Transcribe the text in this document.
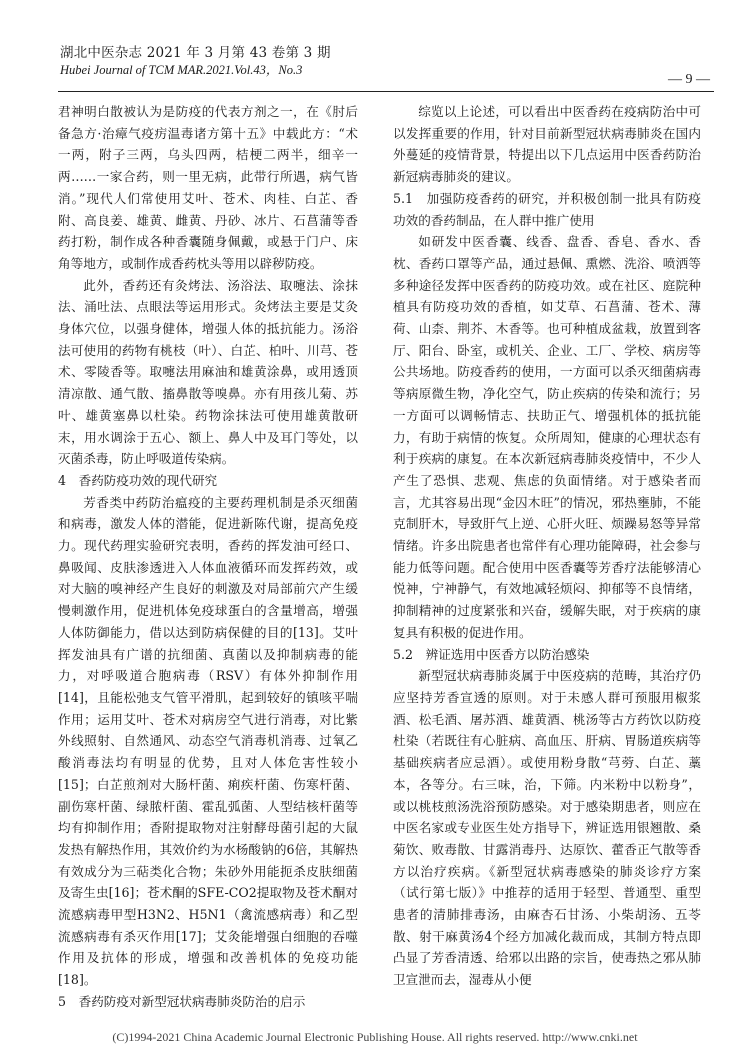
湖北中医杂志 2021 年 3 月第 43 卷第 3 期
Hubei Journal of TCM MAR.2021.Vol.43，No.3
— 9 —

君神明白散被认为是防疫的代表方剂之一，在《肘后备急方·治瘴气疫疠温毒诸方第十五》中载此方：“术一两，附子三两，乌头四两，桔梗二两半，细辛一两……一家合药，则一里无病，此带行所遇，病气皆消。”现代人们常使用艾叶、苍术、肉桂、白芷、香附、高良姜、雄黄、雌黄、丹砂、冰片、石菖蒲等香药打粉，制作成各种香囊随身佩戴，或悬于门户、床角等地方，或制作成香药枕头等用以辟秽防疫。

此外，香药还有灸烤法、汤浴法、取嚏法、涂抹法、涌吐法、点眼法等运用形式。灸烤法主要是艾灸身体穴位，以强身健体，增强人体的抵抗能力。汤浴法可使用的药物有桃枝（叶）、白芷、柏叶、川芎、苍术、零陵香等。取嚏法用麻油和雄黄涂鼻，或用透顶清凉散、通气散、搐鼻散等嗅鼻。亦有用孩儿菊、苏叶、雄黄塞鼻以杜染。药物涂抹法可使用雄黄散研末，用水调涂于五心、额上、鼻人中及耳门等处，以灭菌杀毒，防止呼吸道传染病。

4　香药防疫功效的现代研究

芳香类中药防治瘟疫的主要药理机制是杀灭细菌和病毒，激发人体的潜能，促进新陈代谢，提高免疫力。现代药理实验研究表明，香药的挥发油可经口、鼻吸闻、皮肤渗透进入人体血液循环而发挥药效，或对大脑的嗅神经产生良好的刺激及对局部前穴产生缓慢刺激作用，促进机体免疫球蛋白的含量增高，增强人体防御能力，借以达到防病保健的目的[13]。艾叶挥发油具有广谱的抗细菌、真菌以及抑制病毒的能力，对呼吸道合胞病毒（RSV）有体外抑制作用[14]，且能松弛支气管平滑肌，起到较好的镇咳平喘作用；运用艾叶、苍术对病房空气进行消毒，对比紫外线照射、自然通风、动态空气消毒机消毒、过氧乙酸消毒法均有明显的优势，且对人体危害性较小[15]；白芷煎剂对大肠杆菌、痢疾杆菌、伤寒杆菌、副伤寒杆菌、绿脓杆菌、霍乱弧菌、人型结核杆菌等均有抑制作用；香附提取物对注射酵母菌引起的大鼠发热有解热作用，其效价约为水杨酸钠的6倍，其解热有效成分为三萜类化合物；朱砂外用能扼杀皮肤细菌及寄生虫[16]；苍术酮的SFE-CO2提取物及苍术酮对流感病毒甲型H3N2、H5N1（禽流感病毒）和乙型流感病毒有杀灭作用[17]；艾灸能增强白细胞的吞噬作用及抗体的形成，增强和改善机体的免疫功能[18]。

5　香药防疫对新型冠状病毒肺炎防治的启示

综览以上论述，可以看出中医香药在疫病防治中可以发挥重要的作用，针对目前新型冠状病毒肺炎在国内外蔓延的疫情背景，特提出以下几点运用中医香药防治新冠病毒肺炎的建议。

5.1　加强防疫香药的研究，并积极创制一批具有防疫功效的香药制品，在人群中推广使用

如研发中医香囊、线香、盘香、香皂、香水、香枕、香药口罩等产品，通过悬佩、熏燃、洗浴、喷洒等多种途径发挥中医香药的防疫功效。或在社区、庭院种植具有防疫功效的香植，如艾草、石菖蒲、苍术、薄荷、山柰、荆芥、木香等。也可种植成盆栽，放置到客厅、阳台、卧室，或机关、企业、工厂、学校、病房等公共场地。防疫香药的使用，一方面可以杀灭细菌病毒等病原微生物，净化空气，防止疾病的传染和流行；另一方面可以调畅情志、扶助正气、增强机体的抵抗能力，有助于病情的恢复。众所周知，健康的心理状态有利于疾病的康复。在本次新冠病毒肺炎疫情中，不少人产生了恐惧、悲观、焦虑的负面情绪。对于感染者而言，尤其容易出现“金囚木旺”的情况，邪热壅肺，不能克制肝木，导致肝气上逆、心肝火旺、烦躁易怒等异常情绪。许多出院患者也常伴有心理功能障碍，社会参与能力低等问题。配合使用中医香囊等芳香疗法能够清心悦神，宁神静气，有效地减轻烦闷、抑郁等不良情绪，抑制精神的过度紧张和兴奋，缓解失眠，对于疾病的康复具有积极的促进作用。

5.2　辨证选用中医香方以防治感染

新型冠状病毒肺炎属于中医疫病的范畴，其治疗仍应坚持芳香宣透的原则。对于未感人群可预服用椒浆酒、松毛酒、屠苏酒、雄黄酒、桃汤等古方药饮以防疫杜染（若既往有心脏病、高血压、肝病、胃肠道疾病等基础疾病者应忌酒）。或使用粉身散“芎䓖、白芷、藁本，各等分。右三味，治，下筛。内米粉中以粉身”，或以桃枝煎汤洗浴预防感染。对于感染期患者，则应在中医名家或专业医生处方指导下，辨证选用银翘散、桑菊饮、败毒散、甘露消毒丹、达原饮、藿香正气散等香方以治疗疾病。《新型冠状病毒感染的肺炎诊疗方案（试行第七版）》中推荐的适用于轻型、普通型、重型患者的清肺排毒汤，由麻杏石甘汤、小柴胡汤、五苓散、射干麻黄汤4个经方加减化裁而成，其制方特点即凸显了芳香清透、给邪以出路的宗旨，使毒热之邪从肺卫宣泄而去，湿毒从小便

(C)1994-2021 China Academic Journal Electronic Publishing House. All rights reserved. http://www.cnki.net
